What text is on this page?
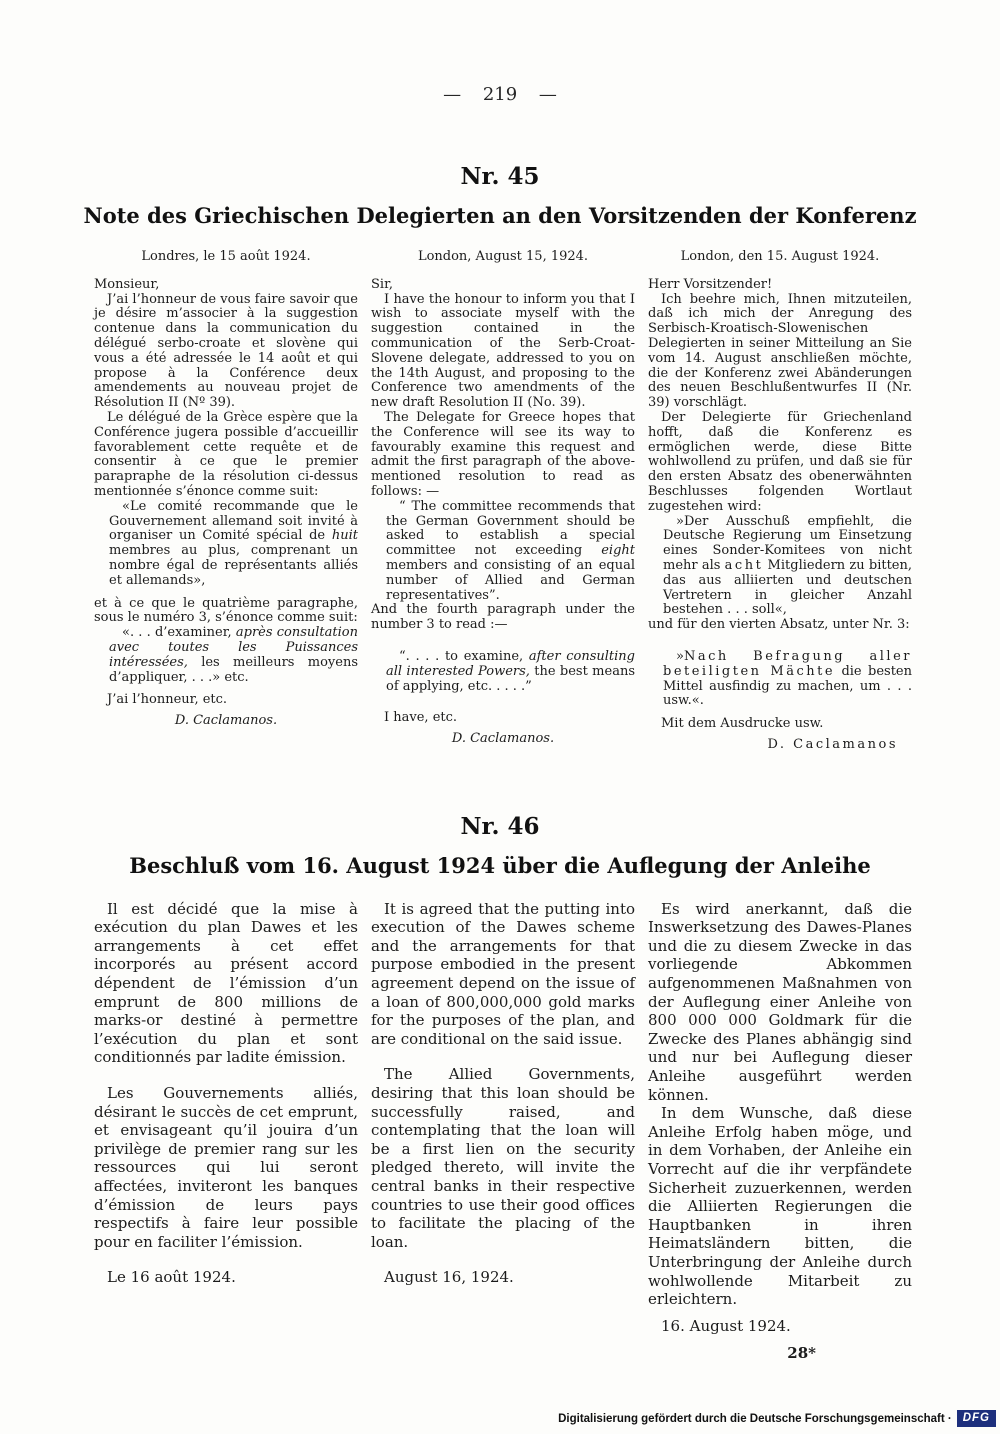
— 219 —
Nr. 45
Note des Griechischen Delegierten an den Vorsitzenden der Konferenz

Londres, le 15 août 1924.

Monsieur,

J’ai l’honneur de vous faire savoir que je désire m’associer à la suggestion contenue dans la communication du délégué serbo-croate et slovène qui vous a été adressée le 14 août et qui propose à la Conférence deux amendements au nouveau projet de Résolution II (Nº 39).

Le délégué de la Grèce espère que la Conférence jugera possible d’accueillir favorablement cette requête et de consentir à ce que le premier parapraphe de la résolution ci-dessus mentionnée s’énonce comme suit:

«Le comité recommande que le Gouvernement allemand soit invité à organiser un Comité spécial de huit membres au plus, comprenant un nombre égal de représentants alliés et allemands»,

et à ce que le quatrième paragraphe, sous le numéro 3, s’énonce comme suit:

«. . . d’examiner, après consultation avec toutes les Puissances intéressées, les meilleurs moyens d’appliquer, . . .» etc.

J’ai l’honneur, etc.

D. Caclamanos.

London, August 15, 1924.

Sir,

I have the honour to inform you that I wish to associate myself with the suggestion contained in the communication of the Serb-Croat-Slovene delegate, addressed to you on the 14th August, and proposing to the Conference two amendments of the new draft Resolution II (No. 39).

The Delegate for Greece hopes that the Conference will see its way to favourably examine this request and admit the first paragraph of the above-mentioned resolution to read as follows: —

“ The committee recommends that the German Government should be asked to establish a special committee not exceeding eight members and consisting of an equal number of Allied and German representatives”.

And the fourth paragraph under the number 3 to read :—

“. . . . to examine, after consulting all interested Powers, the best means of applying, etc. . . . .”

I have, etc.

D. Caclamanos.

London, den 15. August 1924.

Herr Vorsitzender!

Ich beehre mich, Ihnen mitzuteilen, daß ich mich der Anregung des Serbisch-Kroatisch-Slowenischen Delegierten in seiner Mitteilung an Sie vom 14. August anschließen möchte, die der Konferenz zwei Abänderungen des neuen Beschlußentwurfes II (Nr. 39) vorschlägt.

Der Delegierte für Griechenland hofft, daß die Konferenz es ermöglichen werde, diese Bitte wohlwollend zu prüfen, und daß sie für den ersten Absatz des obenerwähnten Beschlusses folgenden Wortlaut zugestehen wird:

»Der Ausschuß empfiehlt, die Deutsche Regierung um Einsetzung eines Sonder-Komitees von nicht mehr als acht Mitgliedern zu bitten, das aus alliierten und deutschen Vertretern in gleicher Anzahl bestehen . . . soll«,

und für den vierten Absatz, unter Nr. 3:

»Nach Befragung aller beteiligten Mächte die besten Mittel ausfindig zu machen, um . . . usw.«.

Mit dem Ausdrucke usw.

D. Caclamanos

Nr. 46
Beschluß vom 16. August 1924 über die Auflegung der Anleihe

Il est décidé que la mise à exécution du plan Dawes et les arrangements à cet effet incorporés au présent accord dépendent de l’émission d’un emprunt de 800 millions de marks-or destiné à permettre l’exécution du plan et sont conditionnés par ladite émission.

Les Gouvernements alliés, désirant le succès de cet emprunt, et envisageant qu’il jouira d’un privilège de premier rang sur les ressources qui lui seront affectées, inviteront les banques d’émission de leurs pays respectifs à faire leur possible pour en faciliter l’émission.

Le 16 août 1924.

It is agreed that the putting into execution of the Dawes scheme and the arrangements for that purpose embodied in the present agreement depend on the issue of a loan of 800,000,000 gold marks for the purposes of the plan, and are conditional on the said issue.

The Allied Governments, desiring that this loan should be successfully raised, and contemplating that the loan will be a first lien on the security pledged thereto, will invite the central banks in their respective countries to use their good offices to facilitate the placing of the loan.

August 16, 1924.

Es wird anerkannt, daß die Inswerksetzung des Dawes-Planes und die zu diesem Zwecke in das vorliegende Abkommen aufgenommenen Maßnahmen von der Auflegung einer Anleihe von 800 000 000 Goldmark für die Zwecke des Planes abhängig sind und nur bei Auflegung dieser Anleihe ausgeführt werden können.

In dem Wunsche, daß diese Anleihe Erfolg haben möge, und in dem Vorhaben, der Anleihe ein Vorrecht auf die ihr verpfändete Sicherheit zuzuerkennen, werden die Alliierten Regierungen die Hauptbanken in ihren Heimatsländern bitten, die Unterbringung der Anleihe durch wohlwollende Mitarbeit zu erleichtern.

16. August 1924.

28*

Digitalisierung gefördert durch die Deutsche Forschungsgemeinschaft · DFG
